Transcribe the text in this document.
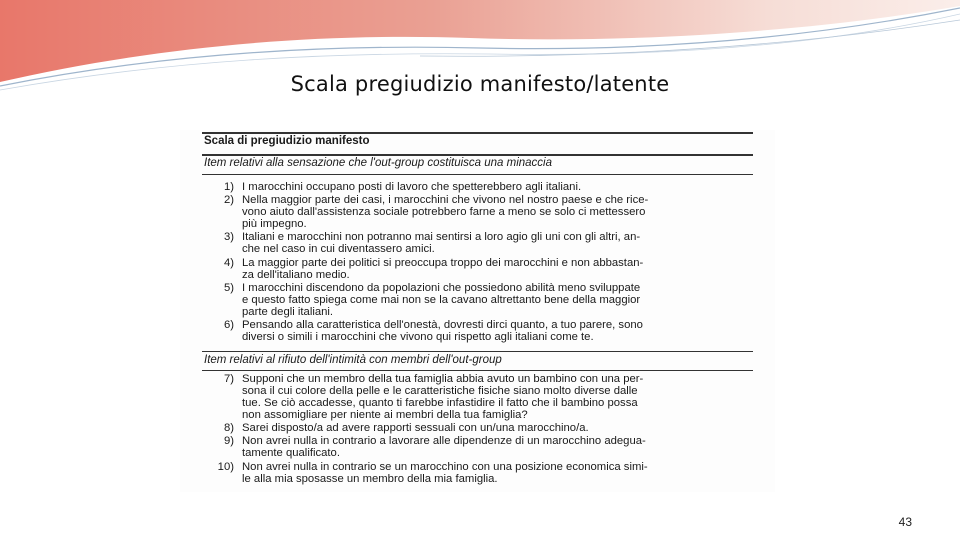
Scala pregiudizio manifesto/latente
Scala di pregiudizio manifesto
Item relativi alla sensazione che l'out-group costituisca una minaccia
1) I marocchini occupano posti di lavoro che spetterebbero agli italiani.
2) Nella maggior parte dei casi, i marocchini che vivono nel nostro paese e che rice-
vono aiuto dall'assistenza sociale potrebbero farne a meno se solo ci mettessero
più impegno.
3) Italiani e marocchini non potranno mai sentirsi a loro agio gli uni con gli altri, an-
che nel caso in cui diventassero amici.
4) La maggior parte dei politici si preoccupa troppo dei marocchini e non abbastan-
za dell'italiano medio.
5) I marocchini discendono da popolazioni che possiedono abilità meno sviluppate
e questo fatto spiega come mai non se la cavano altrettanto bene della maggior
parte degli italiani.
6) Pensando alla caratteristica dell'onestà, dovresti dirci quanto, a tuo parere, sono
diversi o simili i marocchini che vivono qui rispetto agli italiani come te.
Item relativi al rifiuto dell'intimità con membri dell'out-group
7) Supponi che un membro della tua famiglia abbia avuto un bambino con una per-
sona il cui colore della pelle e le caratteristiche fisiche siano molto diverse dalle
tue. Se ciò accadesse, quanto ti farebbe infastidire il fatto che il bambino possa
non assomigliare per niente ai membri della tua famiglia?
8) Sarei disposto/a ad avere rapporti sessuali con un/una marocchino/a.
9) Non avrei nulla in contrario a lavorare alle dipendenze di un marocchino adegua-
tamente qualificato.
10) Non avrei nulla in contrario se un marocchino con una posizione economica simi-
le alla mia sposasse un membro della mia famiglia.
43
